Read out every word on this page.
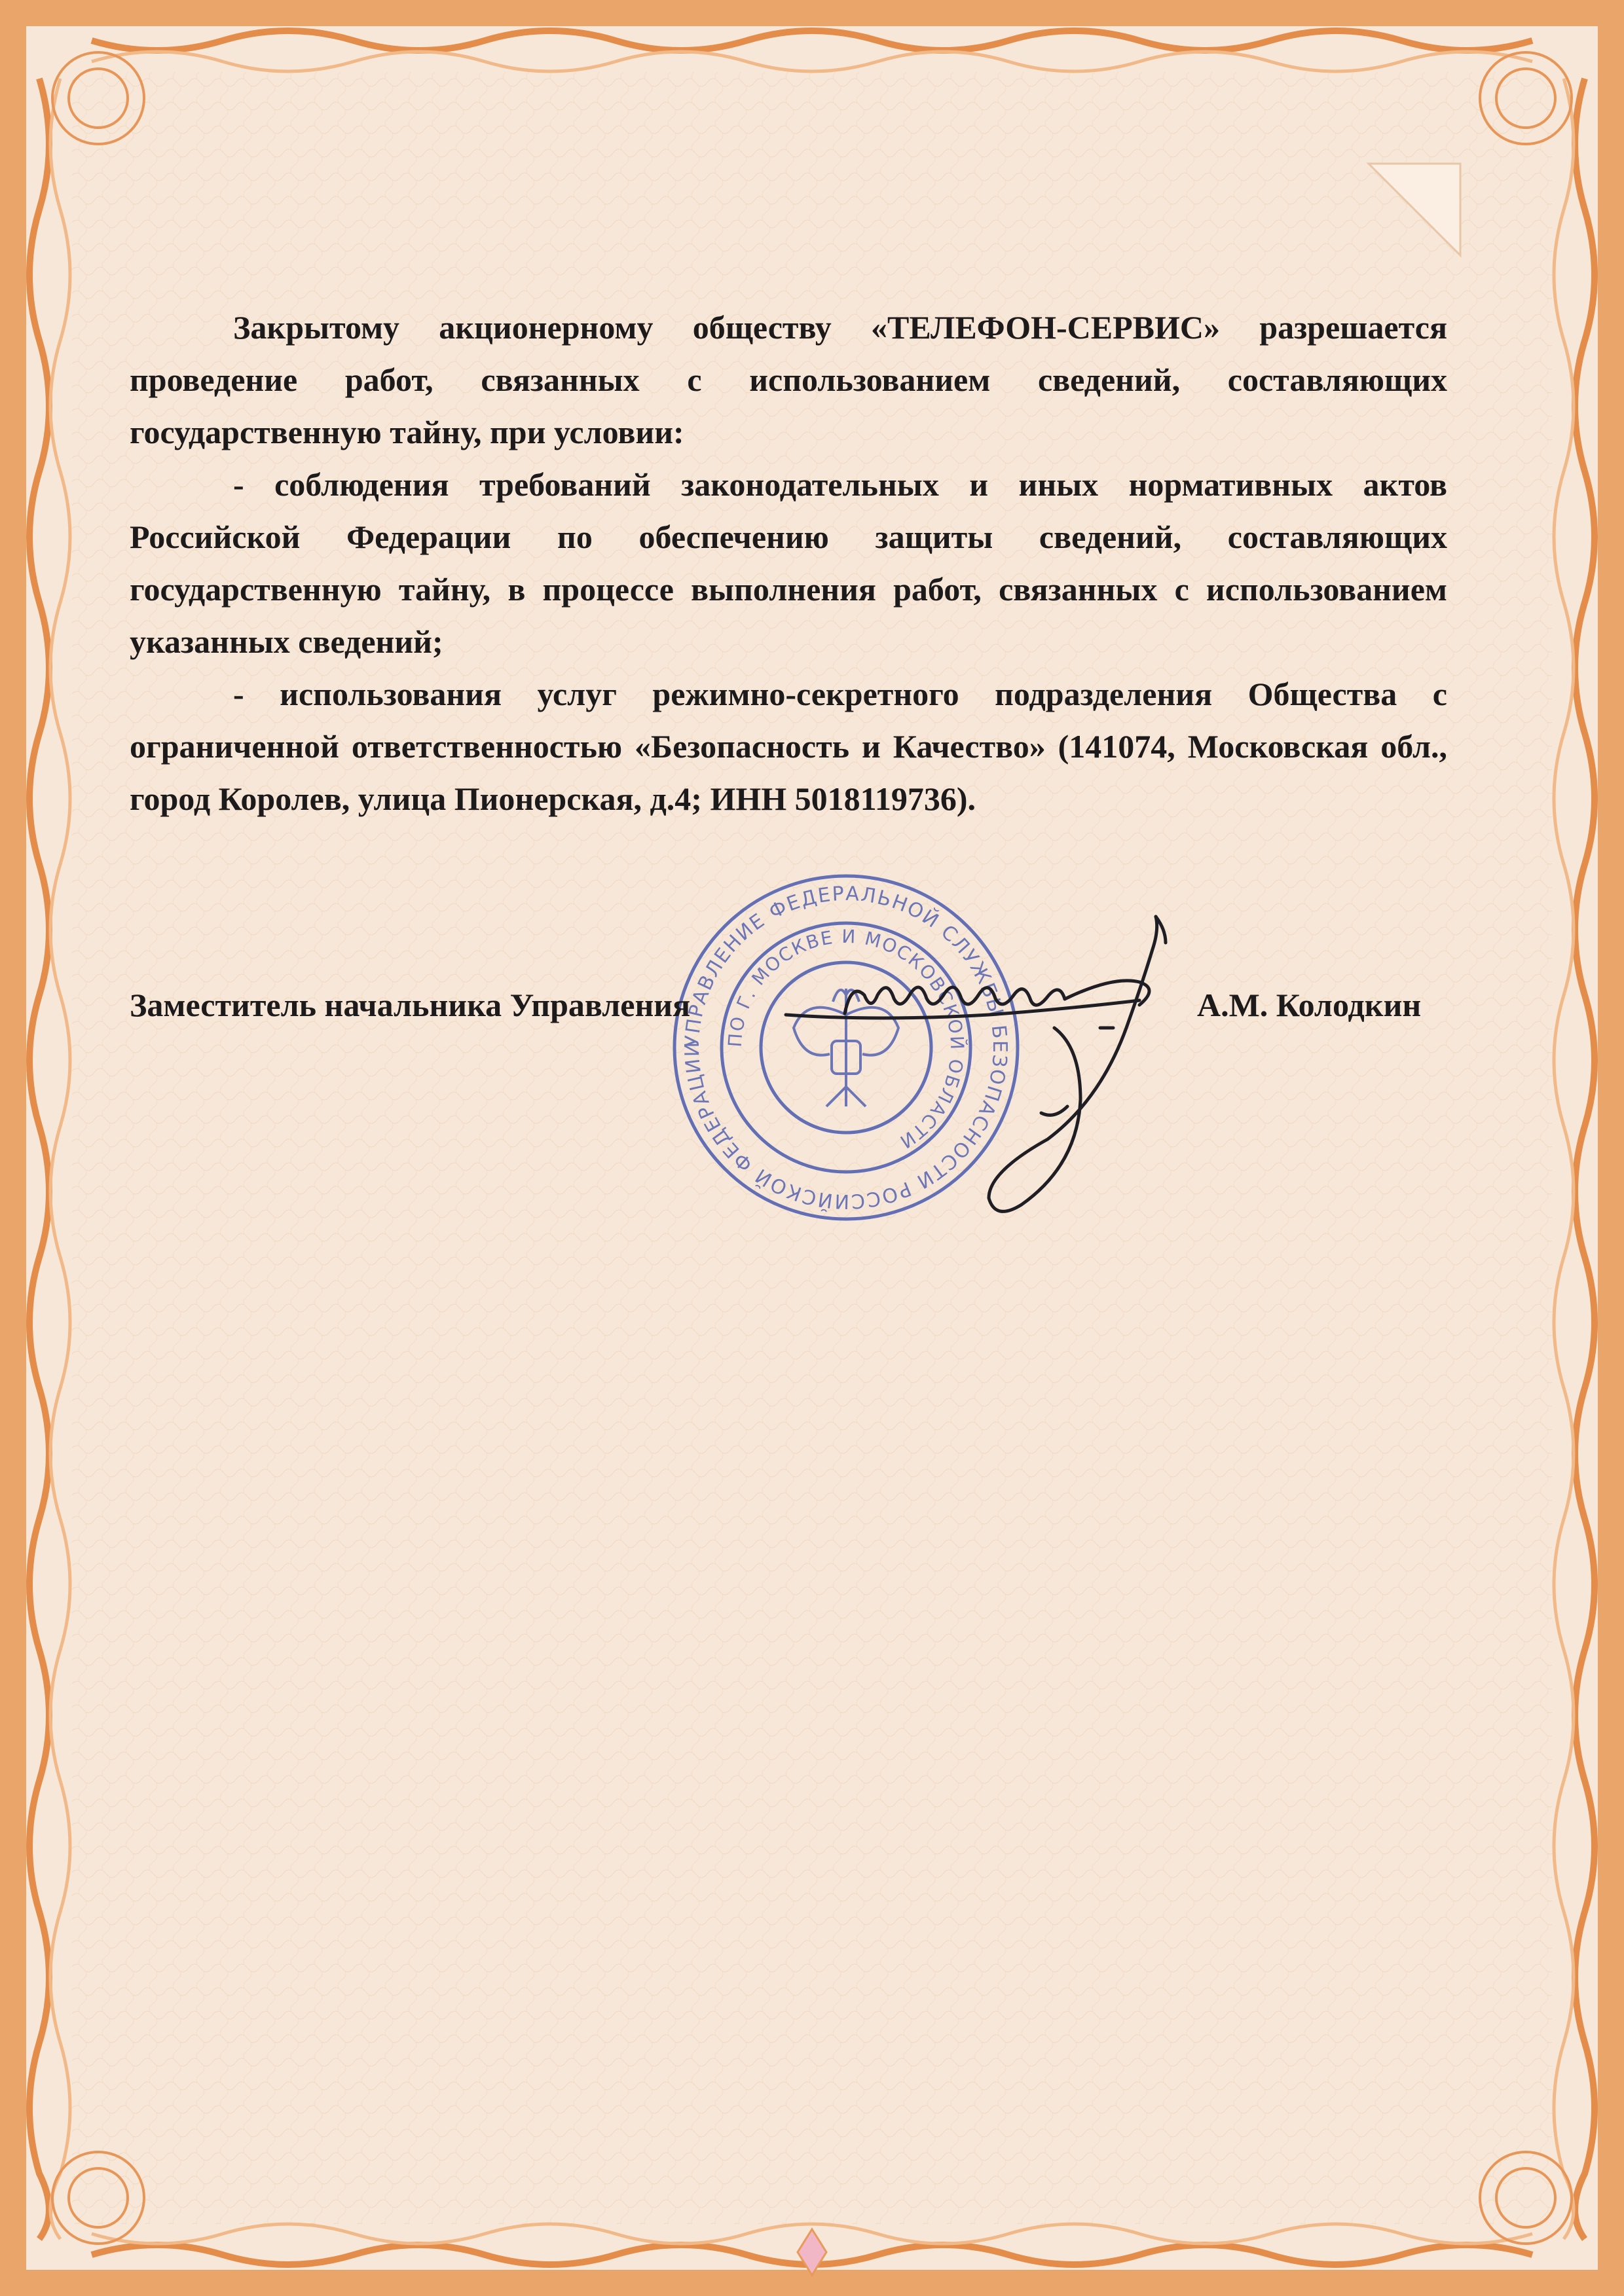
Закрытому акционерному обществу «ТЕЛЕФОН-СЕРВИС» разрешается проведение работ, связанных с использованием сведений, составляющих государственную тайну, при условии:

- соблюдения требований законодательных и иных нормативных актов Российской Федерации по обеспечению защиты сведений, составляющих государственную тайну, в процессе выполнения работ, связанных с использованием указанных сведений;

- использования услуг режимно-секретного подразделения Общества с ограниченной ответственностью «Безопасность и Качество» (141074, Московская обл., город Королев, улица Пионерская, д.4; ИНН 5018119736).

УПРАВЛЕНИЕ ФЕДЕРАЛЬНОЙ СЛУЖБЫ БЕЗОПАСНОСТИ РОССИЙСКОЙ ФЕДЕРАЦИИ
ПО Г. МОСКВЕ И МОСКОВСКОЙ ОБЛАСТИ
Заместитель начальника Управления	А.М. Колодкин
